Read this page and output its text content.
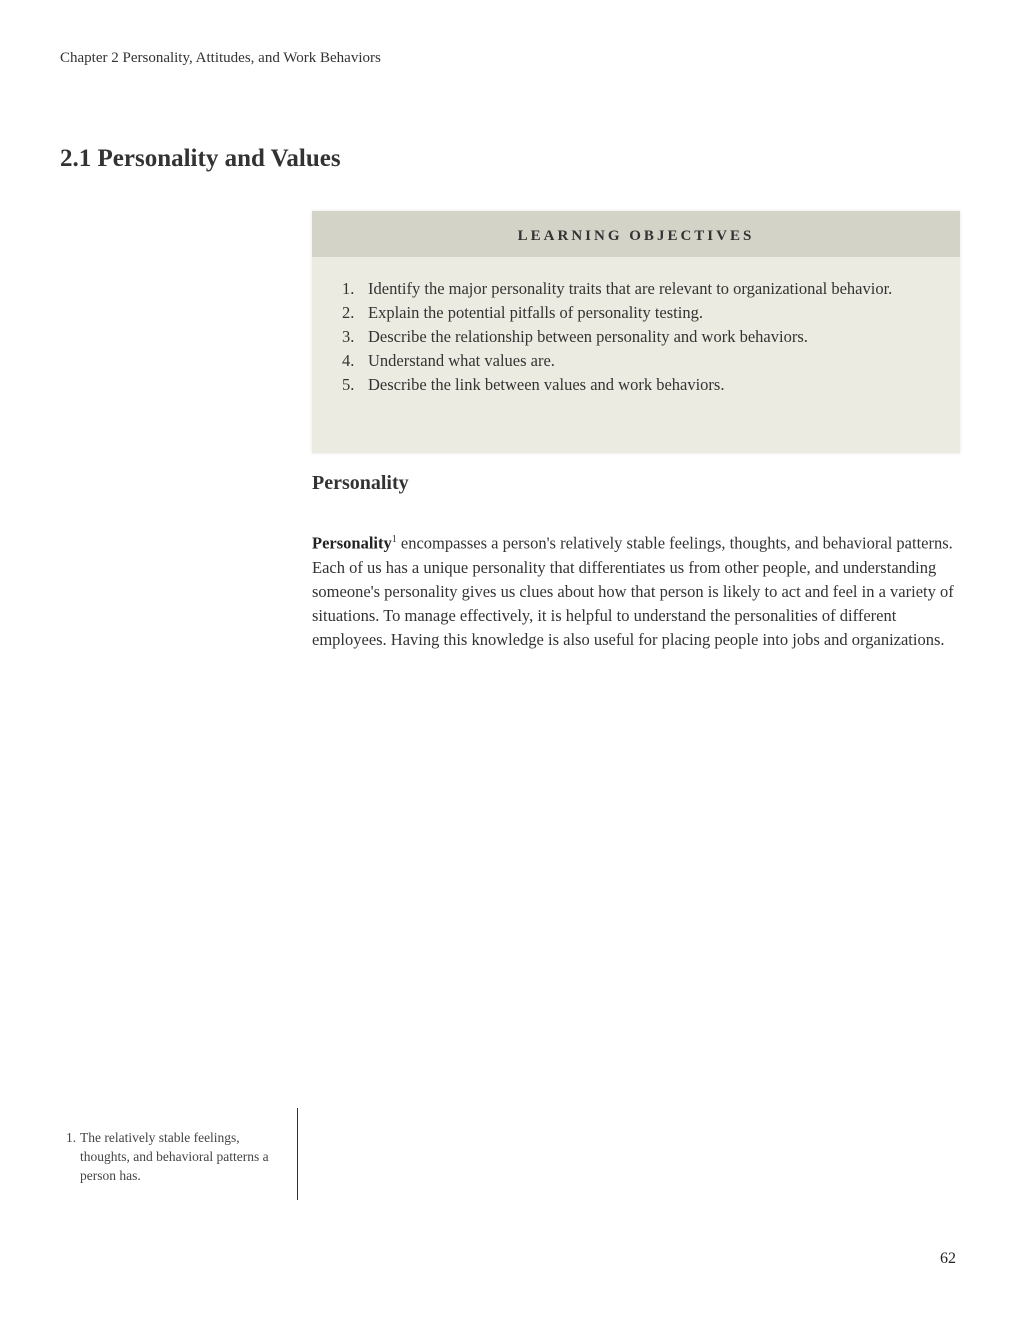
Chapter 2 Personality, Attitudes, and Work Behaviors
2.1 Personality and Values
LEARNING OBJECTIVES
1. Identify the major personality traits that are relevant to organizational behavior.
2. Explain the potential pitfalls of personality testing.
3. Describe the relationship between personality and work behaviors.
4. Understand what values are.
5. Describe the link between values and work behaviors.
Personality

Personality$^1$ encompasses a person's relatively stable feelings, thoughts, and behavioral patterns. Each of us has a unique personality that differentiates us from other people, and understanding someone's personality gives us clues about how that person is likely to act and feel in a variety of situations. To manage effectively, it is helpful to understand the personalities of different employees. Having this knowledge is also useful for placing people into jobs and organizations.

1. The relatively stable feelings, thoughts, and behavioral patterns a person has.
62
